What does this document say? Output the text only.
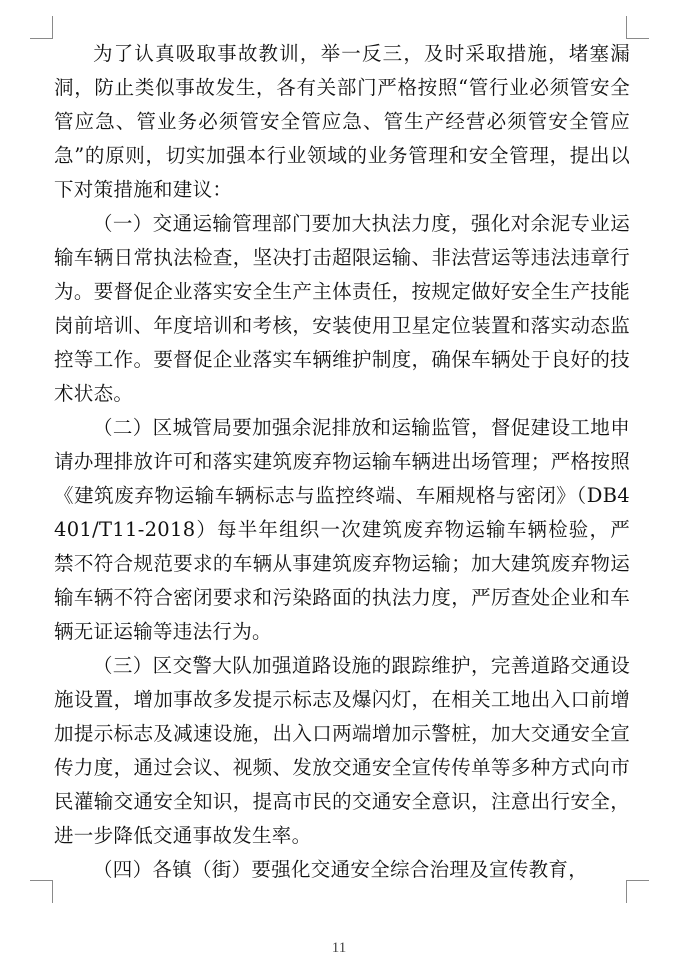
为了认真吸取事故教训，举一反三，及时采取措施，堵塞漏洞，防止类似事故发生，各有关部门严格按照“管行业必须管安全管应急、管业务必须管安全管应急、管生产经营必须管安全管应急”的原则，切实加强本行业领域的业务管理和安全管理，提出以下对策措施和建议：

（一）交通运输管理部门要加大执法力度，强化对余泥专业运输车辆日常执法检查，坚决打击超限运输、非法营运等违法违章行为。要督促企业落实安全生产主体责任，按规定做好安全生产技能岗前培训、年度培训和考核，安装使用卫星定位装置和落实动态监控等工作。要督促企业落实车辆维护制度，确保车辆处于良好的技术状态。

（二）区城管局要加强余泥排放和运输监管，督促建设工地申请办理排放许可和落实建筑废弃物运输车辆进出场管理；严格按照《建筑废弃物运输车辆标志与监控终端、车厢规格与密闭》（DB4401/T11-2018）每半年组织一次建筑废弃物运输车辆检验，严禁不符合规范要求的车辆从事建筑废弃物运输；加大建筑废弃物运输车辆不符合密闭要求和污染路面的执法力度，严厉查处企业和车辆无证运输等违法行为。

（三）区交警大队加强道路设施的跟踪维护，完善道路交通设施设置，增加事故多发提示标志及爆闪灯，在相关工地出入口前增加提示标志及减速设施，出入口两端增加示警桩，加大交通安全宣传力度，通过会议、视频、发放交通安全宣传传单等多种方式向市民灌输交通安全知识，提高市民的交通安全意识，注意出行安全，进一步降低交通事故发生率。

（四）各镇（街）要强化交通安全综合治理及宣传教育，

11
